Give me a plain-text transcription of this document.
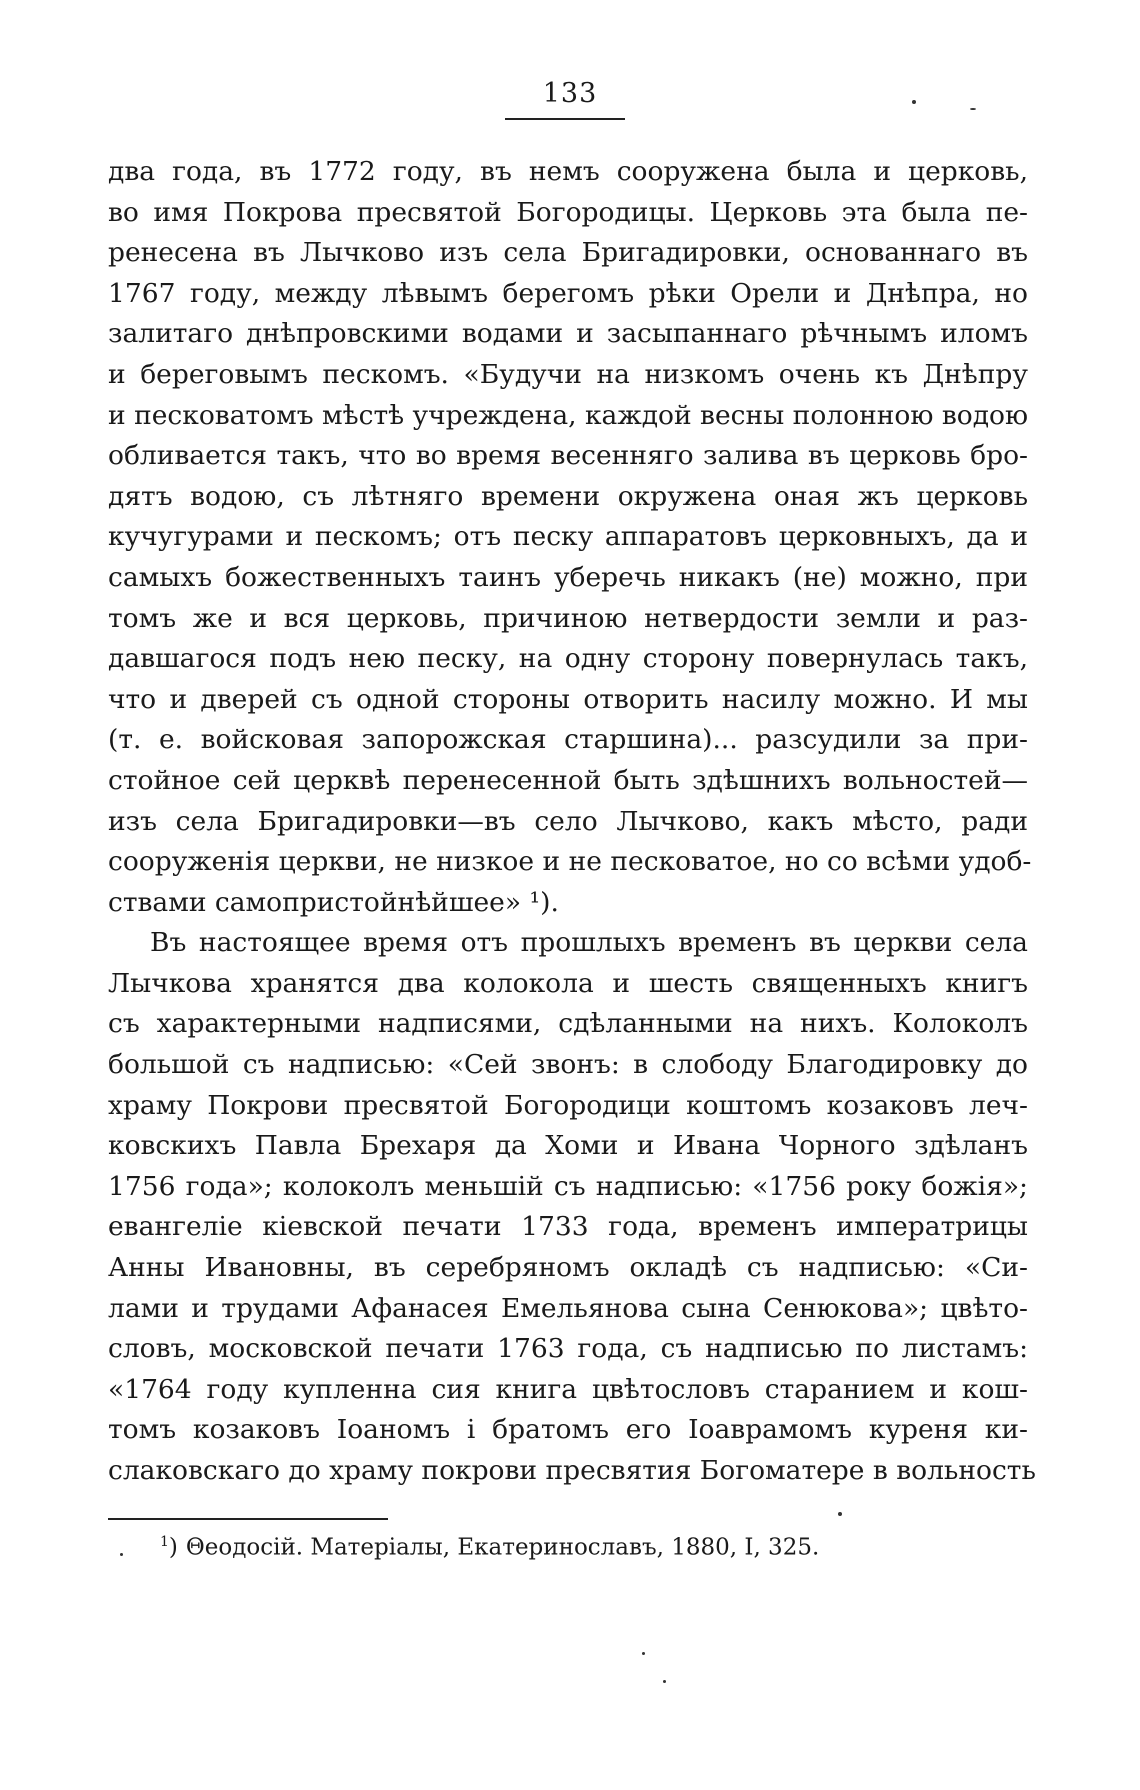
133
два года, въ 1772 году, въ немъ сооружена была и церковь,
во имя Покрова пресвятой Богородицы. Церковь эта была пе-
ренесена въ Лычково изъ села Бригадировки, основаннаго въ
1767 году, между лѣвымъ берегомъ рѣки Орели и Днѣпра, но
залитаго днѣпровскими водами и засыпаннаго рѣчнымъ иломъ
и береговымъ пескомъ. «Будучи на низкомъ очень къ Днѣпру
и песковатомъ мѣстѣ учреждена, каждой весны полонною водою
обливается такъ, что во время весенняго залива въ церковь бро-
дятъ водою, съ лѣтняго времени окружена оная жъ церковь
кучугурами и пескомъ; отъ песку аппаратовъ церковныхъ, да и
самыхъ божественныхъ таинъ уберечь никакъ (не) можно, при
томъ же и вся церковь, причиною нетвердости земли и раз-
давшагося подъ нею песку, на одну сторону повернулась такъ,
что и дверей съ одной стороны отворить насилу можно. И мы
(т. е. войсковая запорожская старшина)... разсудили за при-
стойное сей церквѣ перенесенной быть здѣшнихъ вольностей—
изъ села Бригадировки—въ село Лычково, какъ мѣсто, ради
сооруженія церкви, не низкое и не песковатое, но со всѣми удоб-
ствами самопристойнѣйшее» ¹).
Въ настоящее время отъ прошлыхъ временъ въ церкви села
Лычкова хранятся два колокола и шесть священныхъ книгъ
съ характерными надписями, сдѣланными на нихъ. Колоколъ
большой съ надписью: «Сей звонъ: в слободу Благодировку до
храму Покрови пресвятой Богородици коштомъ козаковъ леч-
ковскихъ Павла Брехаря да Хоми и Ивана Чорного здѣланъ
1756 года»; колоколъ меньшій съ надписью: «1756 року божія»;
евангеліе кіевской печати 1733 года, временъ императрицы
Анны Ивановны, въ серебряномъ окладѣ съ надписью: «Си-
лами и трудами Афанасея Емельянова сына Сенюкова»; цвѣто-
словъ, московской печати 1763 года, съ надписью по листамъ:
«1764 году купленна сия книга цвѣтословъ старанием и кош-
томъ козаковъ Іоаномъ і братомъ его Іоаврамомъ куреня ки-
слаковскаго до храму покрови пресвятия Богоматере в вольность
$^1$) Θеодосій. Матеріалы, Екатеринославъ, 1880, I, 325.
